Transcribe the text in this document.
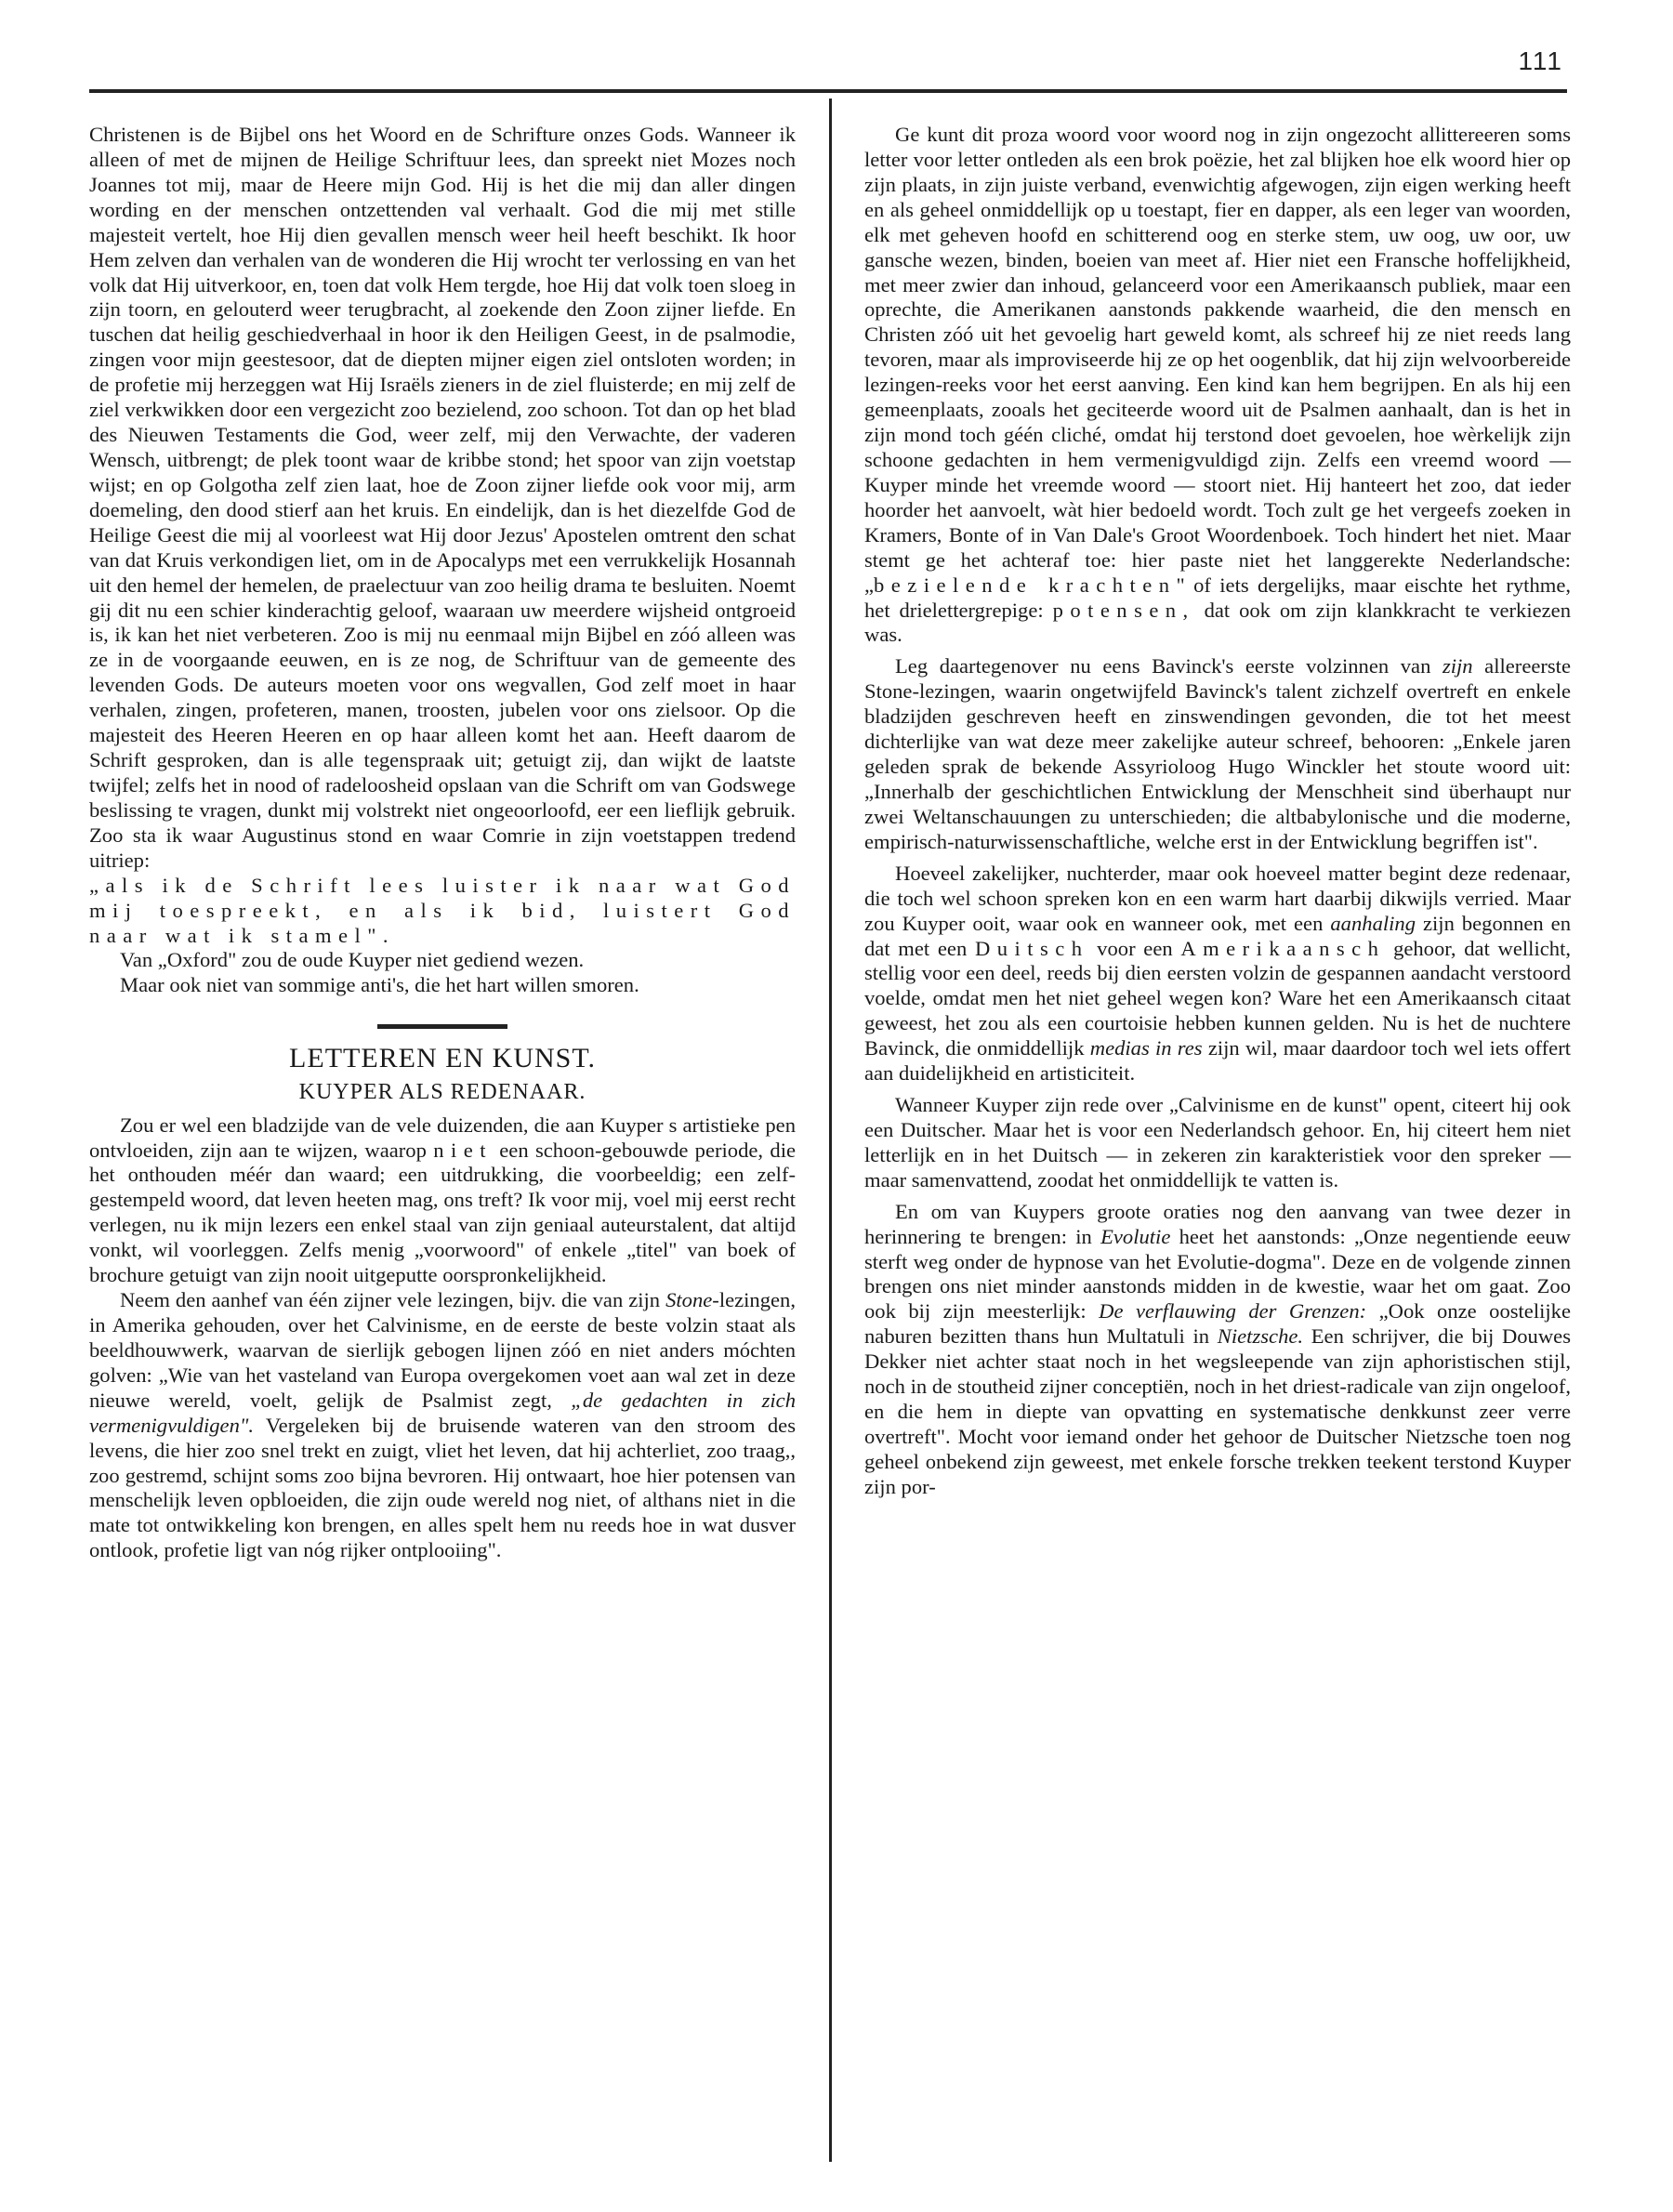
111

Christenen is de Bijbel ons het Woord en de Schrifture onzes Gods. Wanneer ik alleen of met de mijnen de Heilige Schriftuur lees, dan spreekt niet Mozes noch Joannes tot mij, maar de Heere mijn God. Hij is het die mij dan aller dingen wording en der menschen ontzettenden val verhaalt. God die mij met stille majesteit vertelt, hoe Hij dien gevallen mensch weer heil heeft beschikt. Ik hoor Hem zelven dan verhalen van de wonderen die Hij wrocht ter verlossing en van het volk dat Hij uitverkoor, en, toen dat volk Hem tergde, hoe Hij dat volk toen sloeg in zijn toorn, en gelouterd weer terugbracht, al zoekende den Zoon zijner liefde. En tuschen dat heilig geschiedverhaal in hoor ik den Heiligen Geest, in de psalmodie, zingen voor mijn geestesoor, dat de diepten mijner eigen ziel ontsloten worden; in de profetie mij herzeggen wat Hij Israëls zieners in de ziel fluisterde; en mij zelf de ziel verkwikken door een vergezicht zoo bezielend, zoo schoon. Tot dan op het blad des Nieuwen Testaments die God, weer zelf, mij den Verwachte, der vaderen Wensch, uitbrengt; de plek toont waar de kribbe stond; het spoor van zijn voetstap wijst; en op Golgotha zelf zien laat, hoe de Zoon zijner liefde ook voor mij, arm doemeling, den dood stierf aan het kruis. En eindelijk, dan is het diezelfde God de Heilige Geest die mij al voorleest wat Hij door Jezus' Apostelen omtrent den schat van dat Kruis verkondigen liet, om in de Apocalyps met een verrukkelijk Hosannah uit den hemel der hemelen, de praelectuur van zoo heilig drama te besluiten. Noemt gij dit nu een schier kinderachtig geloof, waaraan uw meerdere wijsheid ontgroeid is, ik kan het niet verbeteren. Zoo is mij nu eenmaal mijn Bijbel en zóó alleen was ze in de voorgaande eeuwen, en is ze nog, de Schriftuur van de gemeente des levenden Gods. De auteurs moeten voor ons wegvallen, God zelf moet in haar verhalen, zingen, profeteren, manen, troosten, jubelen voor ons zielsoor. Op die majesteit des Heeren Heeren en op haar alleen komt het aan. Heeft daarom de Schrift gesproken, dan is alle tegenspraak uit; getuigt zij, dan wijkt de laatste twijfel; zelfs het in nood of radeloosheid opslaan van die Schrift om van Godswege beslissing te vragen, dunkt mij volstrekt niet ongeoorloofd, eer een lieflijk gebruik. Zoo sta ik waar Augustinus stond en waar Comrie in zijn voetstappen tredend uitriep:

„als ik de Schrift lees luister ik naar wat God mij toespreekt, en als ik bid, luistert God naar wat ik stamel".

Van „Oxford" zou de oude Kuyper niet gediend wezen.

Maar ook niet van sommige anti's, die het hart willen smoren.

LETTEREN EN KUNST.
KUYPER ALS REDENAAR.

Zou er wel een bladzijde van de vele duizenden, die aan Kuyper s artistieke pen ontvloeiden, zijn aan te wijzen, waarop niet een schoon-gebouwde periode, die het onthouden méér dan waard; een uitdrukking, die voorbeeldig; een zelf-gestempeld woord, dat leven heeten mag, ons treft? Ik voor mij, voel mij eerst recht verlegen, nu ik mijn lezers een enkel staal van zijn geniaal auteurstalent, dat altijd vonkt, wil voorleggen. Zelfs menig „voorwoord" of enkele „titel" van boek of brochure getuigt van zijn nooit uitgeputte oorspronkelijkheid.

Neem den aanhef van één zijner vele lezingen, bijv. die van zijn Stone-lezingen, in Amerika gehouden, over het Calvinisme, en de eerste de beste volzin staat als beeldhouwwerk, waarvan de sierlijk gebogen lijnen zóó en niet anders móchten golven: „Wie van het vasteland van Europa overgekomen voet aan wal zet in deze nieuwe wereld, voelt, gelijk de Psalmist zegt, „de gedachten in zich vermenigvuldigen". Vergeleken bij de bruisende wateren van den stroom des levens, die hier zoo snel trekt en zuigt, vliet het leven, dat hij achterliet, zoo traag,, zoo gestremd, schijnt soms zoo bijna bevroren. Hij ontwaart, hoe hier potensen van menschelijk leven opbloeiden, die zijn oude wereld nog niet, of althans niet in die mate tot ontwikkeling kon brengen, en alles spelt hem nu reeds hoe in wat dusver ontlook, profetie ligt van nóg rijker ontplooiing".

Ge kunt dit proza woord voor woord nog in zijn ongezocht allittereeren soms letter voor letter ontleden als een brok poëzie, het zal blijken hoe elk woord hier op zijn plaats, in zijn juiste verband, evenwichtig afgewogen, zijn eigen werking heeft en als geheel onmiddellijk op u toestapt, fier en dapper, als een leger van woorden, elk met geheven hoofd en schitterend oog en sterke stem, uw oog, uw oor, uw gansche wezen, binden, boeien van meet af. Hier niet een Fransche hoffelijkheid, met meer zwier dan inhoud, gelanceerd voor een Amerikaansch publiek, maar een oprechte, die Amerikanen aanstonds pakkende waarheid, die den mensch en Christen zóó uit het gevoelig hart geweld komt, als schreef hij ze niet reeds lang tevoren, maar als improviseerde hij ze op het oogenblik, dat hij zijn welvoorbereide lezingen-reeks voor het eerst aanving. Een kind kan hem begrijpen. En als hij een gemeenplaats, zooals het geciteerde woord uit de Psalmen aanhaalt, dan is het in zijn mond toch géén cliché, omdat hij terstond doet gevoelen, hoe wèrkelijk zijn schoone gedachten in hem vermenigvuldigd zijn. Zelfs een vreemd woord —Kuyper minde het vreemde woord — stoort niet. Hij hanteert het zoo, dat ieder hoorder het aanvoelt, wàt hier bedoeld wordt. Toch zult ge het vergeefs zoeken in Kramers, Bonte of in Van Dale's Groot Woordenboek. Toch hindert het niet. Maar stemt ge het achteraf toe: hier paste niet het langgerekte Nederlandsche: „bezielende krachten" of iets dergelijks, maar eischte het rythme, het drielettergrepige: potensen, dat ook om zijn klankkracht te verkiezen was.

Leg daartegenover nu eens Bavinck's eerste volzinnen van zijn allereerste Stone-lezingen, waarin ongetwijfeld Bavinck's talent zichzelf overtreft en enkele bladzijden geschreven heeft en zinswendingen gevonden, die tot het meest dichterlijke van wat deze meer zakelijke auteur schreef, behooren: „Enkele jaren geleden sprak de bekende Assyrioloog Hugo Winckler het stoute woord uit: „Innerhalb der geschichtlichen Entwicklung der Menschheit sind überhaupt nur zwei Weltanschauungen zu unterschieden; die altbabylonische und die moderne, empirisch-naturwissenschaftliche, welche erst in der Entwicklung begriffen ist".

Hoeveel zakelijker, nuchterder, maar ook hoeveel matter begint deze redenaar, die toch wel schoon spreken kon en een warm hart daarbij dikwijls verried. Maar zou Kuyper ooit, waar ook en wanneer ook, met een aanhaling zijn begonnen en dat met een Duitsch voor een Amerikaansch gehoor, dat wellicht, stellig voor een deel, reeds bij dien eersten volzin de gespannen aandacht verstoord voelde, omdat men het niet geheel wegen kon? Ware het een Amerikaansch citaat geweest, het zou als een courtoisie hebben kunnen gelden. Nu is het de nuchtere Bavinck, die onmiddellijk medias in res zijn wil, maar daardoor toch wel iets offert aan duidelijkheid en artisticiteit.

Wanneer Kuyper zijn rede over „Calvinisme en de kunst" opent, citeert hij ook een Duitscher. Maar het is voor een Nederlandsch gehoor. En, hij citeert hem niet letterlijk en in het Duitsch — in zekeren zin karakteristiek voor den spreker — maar samenvattend, zoodat het onmiddellijk te vatten is.

En om van Kuypers groote oraties nog den aanvang van twee dezer in herinnering te brengen: in Evolutie heet het aanstonds: „Onze negentiende eeuw sterft weg onder de hypnose van het Evolutie-dogma". Deze en de volgende zinnen brengen ons niet minder aanstonds midden in de kwestie, waar het om gaat. Zoo ook bij zijn meesterlijk: De verflauwing der Grenzen: „Ook onze oostelijke naburen bezitten thans hun Multatuli in Nietzsche. Een schrijver, die bij Douwes Dekker niet achter staat noch in het wegsleepende van zijn aphoristischen stijl, noch in de stoutheid zijner conceptiën, noch in het driest-radicale van zijn ongeloof, en die hem in diepte van opvatting en systematische denkkunst zeer verre overtreft". Mocht voor iemand onder het gehoor de Duitscher Nietzsche toen nog geheel onbekend zijn geweest, met enkele forsche trekken teekent terstond Kuyper zijn por-
